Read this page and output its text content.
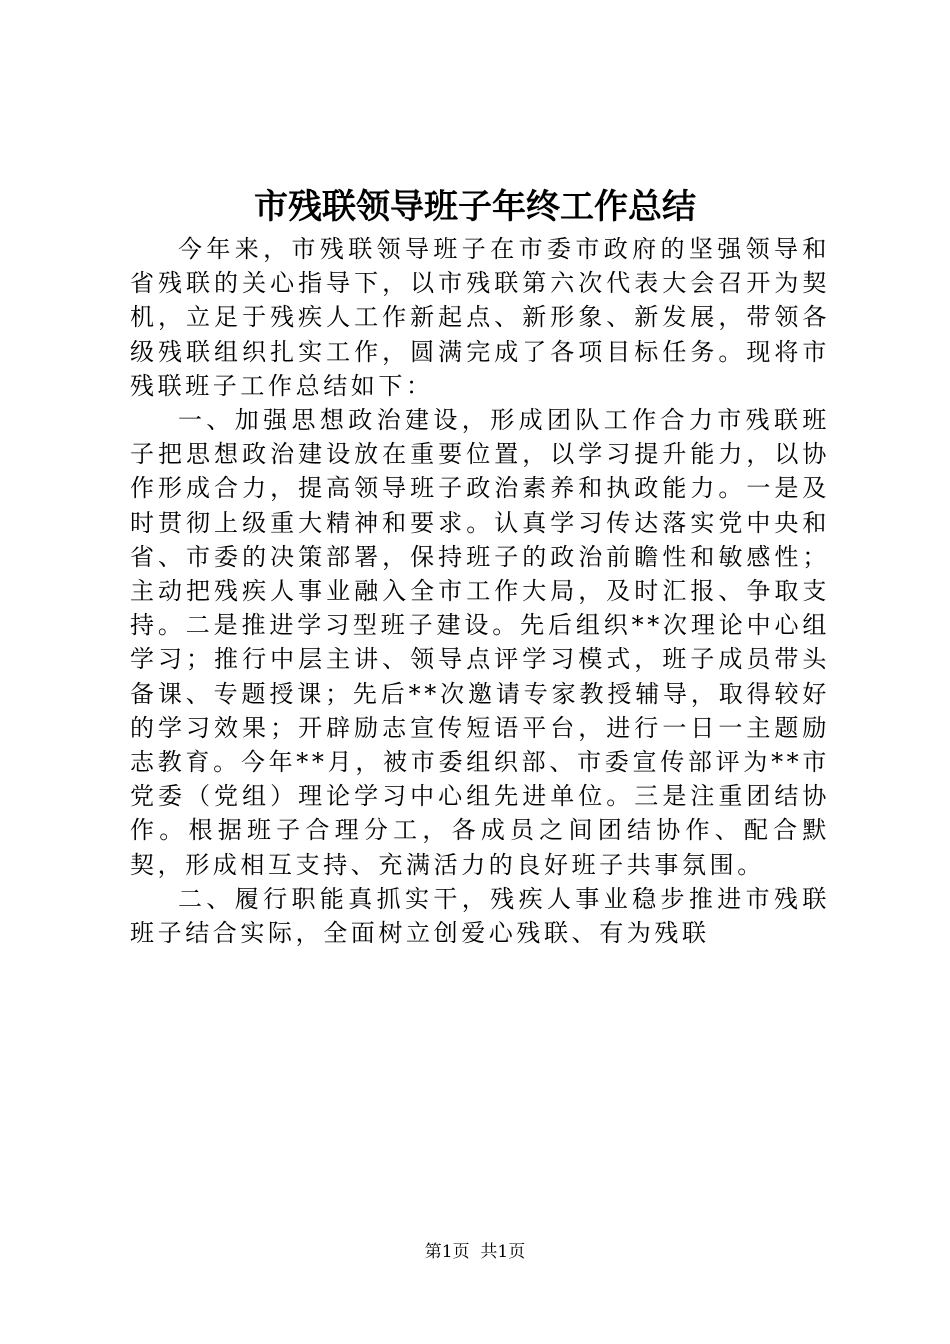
市残联领导班子年终工作总结

今年来，市残联领导班子在市委市政府的坚强领导和省残联的关心指导下，以市残联第六次代表大会召开为契机，立足于残疾人工作新起点、新形象、新发展，带领各级残联组织扎实工作，圆满完成了各项目标任务。现将市残联班子工作总结如下：

一、加强思想政治建设，形成团队工作合力市残联班子把思想政治建设放在重要位置，以学习提升能力，以协作形成合力，提高领导班子政治素养和执政能力。一是及时贯彻上级重大精神和要求。认真学习传达落实党中央和省、市委的决策部署，保持班子的政治前瞻性和敏感性；主动把残疾人事业融入全市工作大局，及时汇报、争取支持。二是推进学习型班子建设。先后组织**次理论中心组学习；推行中层主讲、领导点评学习模式，班子成员带头备课、专题授课；先后**次邀请专家教授辅导，取得较好的学习效果；开辟励志宣传短语平台，进行一日一主题励志教育。今年**月，被市委组织部、市委宣传部评为**市党委（党组）理论学习中心组先进单位。三是注重团结协作。根据班子合理分工，各成员之间团结协作、配合默契，形成相互支持、充满活力的良好班子共事氛围。

二、履行职能真抓实干，残疾人事业稳步推进市残联班子结合实际，全面树立创爱心残联、有为残联

第1页 共1页
